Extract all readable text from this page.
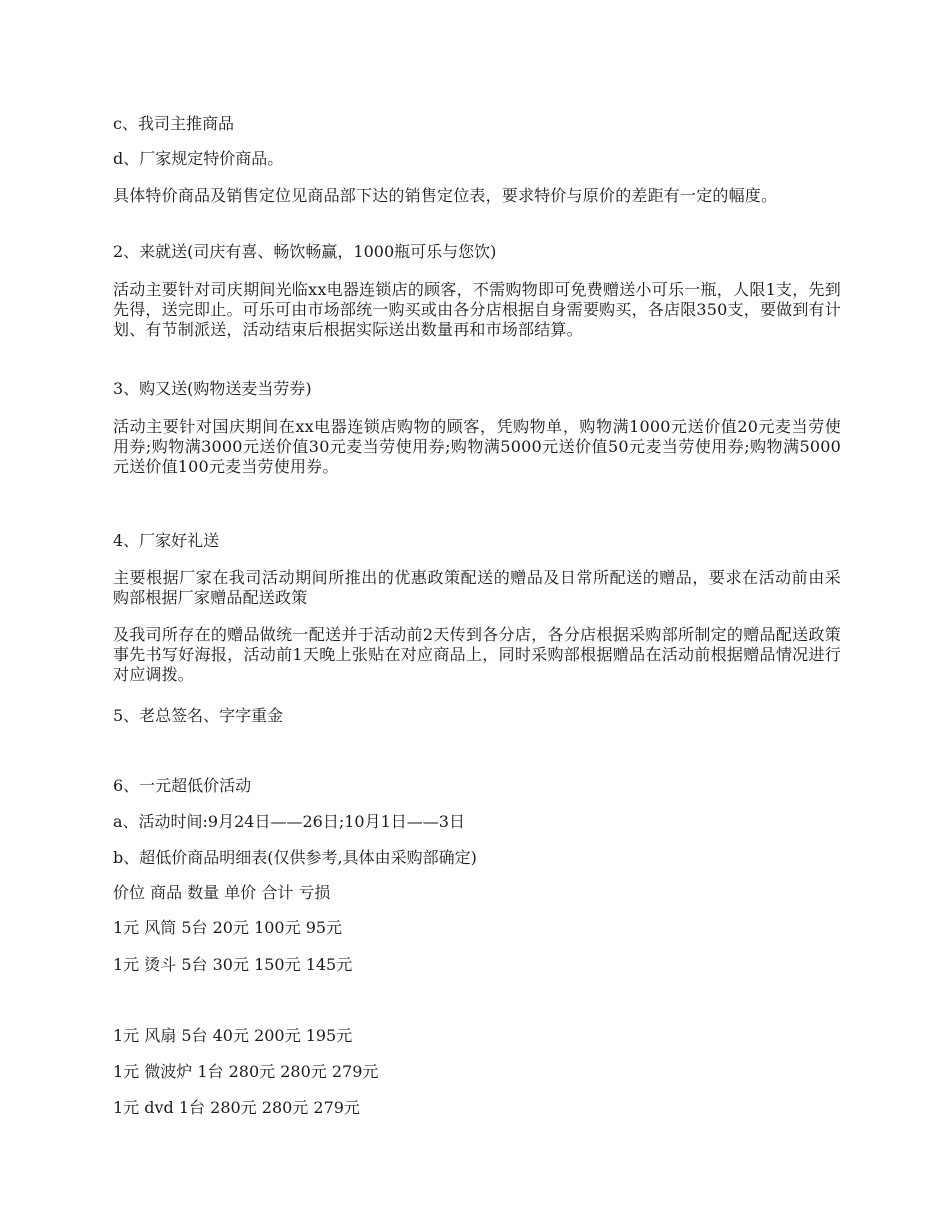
c、我司主推商品
d、厂家规定特价商品。
具体特价商品及销售定位见商品部下达的销售定位表，要求特价与原价的差距有一定的幅度。
2、来就送(司庆有喜、畅饮畅赢，1000瓶可乐与您饮)
活动主要针对司庆期间光临xx电器连锁店的顾客，不需购物即可免费赠送小可乐一瓶，人限1支，先到先得，送完即止。可乐可由市场部统一购买或由各分店根据自身需要购买，各店限350支，要做到有计划、有节制派送，活动结束后根据实际送出数量再和市场部结算。
3、购又送(购物送麦当劳券)
活动主要针对国庆期间在xx电器连锁店购物的顾客，凭购物单，购物满1000元送价值20元麦当劳使用券;购物满3000元送价值30元麦当劳使用券;购物满5000元送价值50元麦当劳使用券;购物满5000元送价值100元麦当劳使用券。
4、厂家好礼送
主要根据厂家在我司活动期间所推出的优惠政策配送的赠品及日常所配送的赠品，要求在活动前由采购部根据厂家赠品配送政策
及我司所存在的赠品做统一配送并于活动前2天传到各分店，各分店根据采购部所制定的赠品配送政策事先书写好海报，活动前1天晚上张贴在对应商品上，同时采购部根据赠品在活动前根据赠品情况进行对应调拨。
5、老总签名、字字重金
6、一元超低价活动
a、活动时间:9月24日——26日;10月1日——3日
b、超低价商品明细表(仅供参考,具体由采购部确定)
价位 商品 数量 单价 合计 亏损
1元 风筒 5台 20元 100元 95元
1元 烫斗 5台 30元 150元 145元
1元 风扇 5台 40元 200元 195元
1元 微波炉 1台 280元 280元 279元
1元 dvd 1台 280元 280元 279元
